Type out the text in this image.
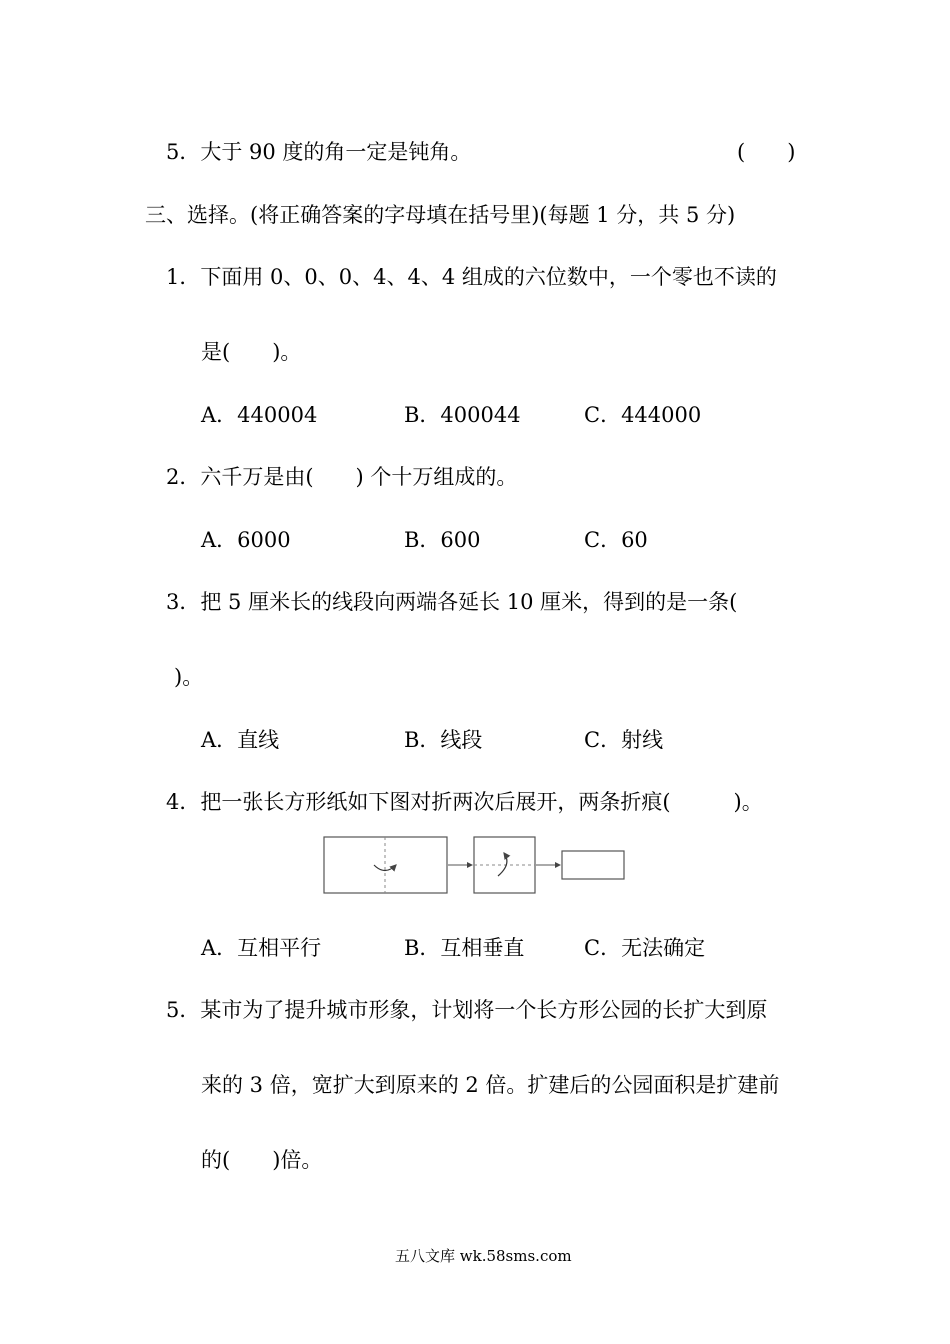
5．大于 90 度的角一定是钝角。	(　　)
三、选择。(将正确答案的字母填在括号里)(每题 1 分，共 5 分)
1．下面用 0、0、0、4、4、4 组成的六位数中，一个零也不读的
是(　　)。
A．440004	B．400044	C．444000
2．六千万是由(　　) 个十万组成的。
A．6000	B．600	C．60
3．把 5 厘米长的线段向两端各延长 10 厘米，得到的是一条(
)。
A．直线	B．线段	C．射线
4．把一张长方形纸如下图对折两次后展开，两条折痕(　　　)。
A．互相平行	B．互相垂直	C．无法确定
5．某市为了提升城市形象，计划将一个长方形公园的长扩大到原
来的 3 倍，宽扩大到原来的 2 倍。扩建后的公园面积是扩建前
的(　　)倍。
五八文库 wk.58sms.com
